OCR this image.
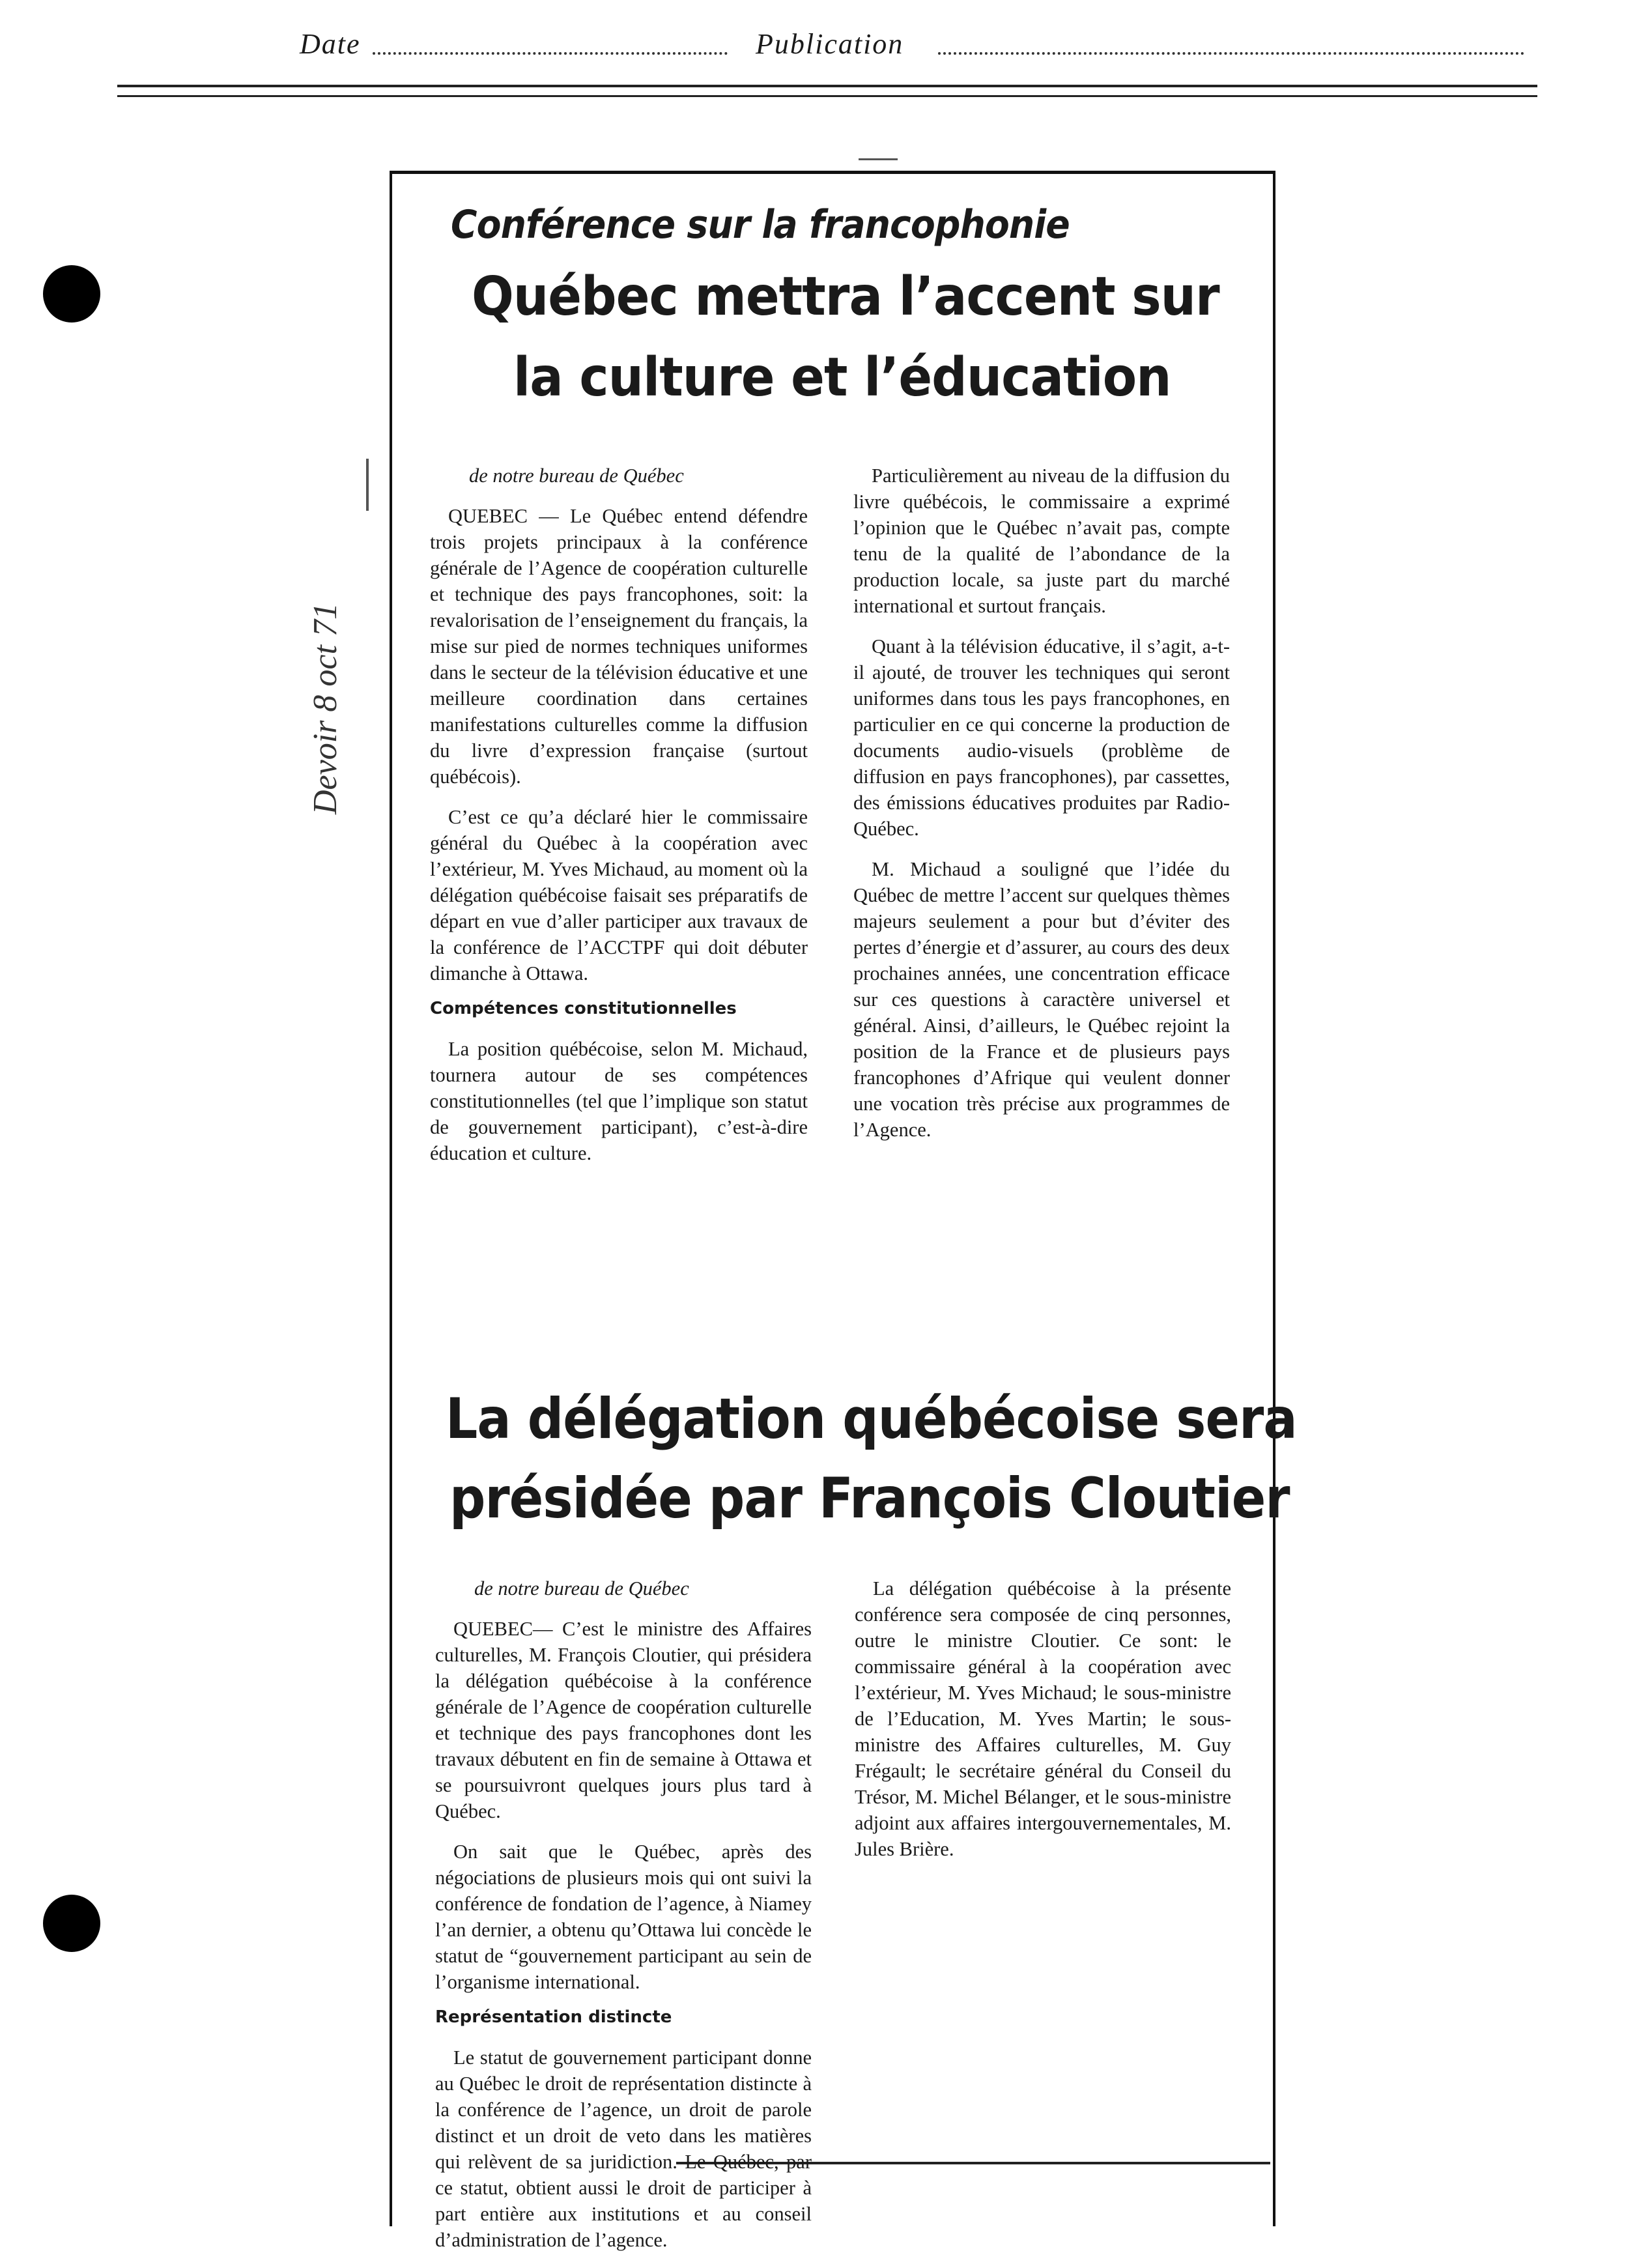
Date	Publication
Devoir 8 oct 71
Conférence sur la francophonie
Québec mettra l’accent sur
la culture et l’éducation

de notre bureau de Québec

QUEBEC — Le Québec entend défendre trois projets principaux à la conférence générale de l’Agence de coopération culturelle et technique des pays francophones, soit: la revalorisation de l’enseignement du français, la mise sur pied de normes techniques uniformes dans le secteur de la télévision éducative et une meilleure coordination dans certaines manifestations culturelles comme la diffusion du livre d’expression française (surtout québécois).

C’est ce qu’a déclaré hier le commissaire général du Québec à la coopération avec l’extérieur, M. Yves Michaud, au moment où la délégation québécoise faisait ses préparatifs de départ en vue d’aller participer aux travaux de la conférence de l’ACCTPF qui doit débuter dimanche à Ottawa.

Compétences constitutionnelles

La position québécoise, selon M. Michaud, tournera autour de ses compétences constitutionnelles (tel que l’implique son statut de gouvernement participant), c’est-à-dire éducation et culture.

Particulièrement au niveau de la diffusion du livre québécois, le commissaire a exprimé l’opinion que le Québec n’avait pas, compte tenu de la qualité de l’abondance de la production locale, sa juste part du marché international et surtout français.

Quant à la télévision éducative, il s’agit, a-t-il ajouté, de trouver les techniques qui seront uniformes dans tous les pays francophones, en particulier en ce qui concerne la production de documents audio-visuels (problème de diffusion en pays francophones), par cassettes, des émissions éducatives produites par Radio-Québec.

M. Michaud a souligné que l’idée du Québec de mettre l’accent sur quelques thèmes majeurs seulement a pour but d’éviter des pertes d’énergie et d’assurer, au cours des deux prochaines années, une concentration efficace sur ces questions à caractère universel et général. Ainsi, d’ailleurs, le Québec rejoint la position de la France et de plusieurs pays francophones d’Afrique qui veulent donner une vocation très précise aux programmes de l’Agence.

La délégation québécoise sera
présidée par François Cloutier

de notre bureau de Québec

QUEBEC— C’est le ministre des Affaires culturelles, M. François Cloutier, qui présidera la délégation québécoise à la conférence générale de l’Agence de coopération culturelle et technique des pays francophones dont les travaux débutent en fin de semaine à Ottawa et se poursuivront quelques jours plus tard à Québec.

On sait que le Québec, après des négociations de plusieurs mois qui ont suivi la conférence de fondation de l’agence, à Niamey l’an dernier, a obtenu qu’Ottawa lui concède le statut de “gouvernement participant au sein de l’organisme international.

Représentation distincte

Le statut de gouvernement participant donne au Québec le droit de représentation distincte à la conférence de l’agence, un droit de parole distinct et un droit de veto dans les matières qui relèvent de sa juridiction. Le Québec, par ce statut, obtient aussi le droit de participer à part entière aux institutions et au conseil d’administration de l’agence.

La délégation québécoise à la présente conférence sera composée de cinq personnes, outre le ministre Cloutier. Ce sont: le commissaire général à la coopération avec l’extérieur, M. Yves Michaud; le sous-ministre de l’Education, M. Yves Martin; le sous-ministre des Affaires culturelles, M. Guy Frégault; le secrétaire général du Conseil du Trésor, M. Michel Bélanger, et le sous-ministre adjoint aux affaires intergouvernementales, M. Jules Brière.
